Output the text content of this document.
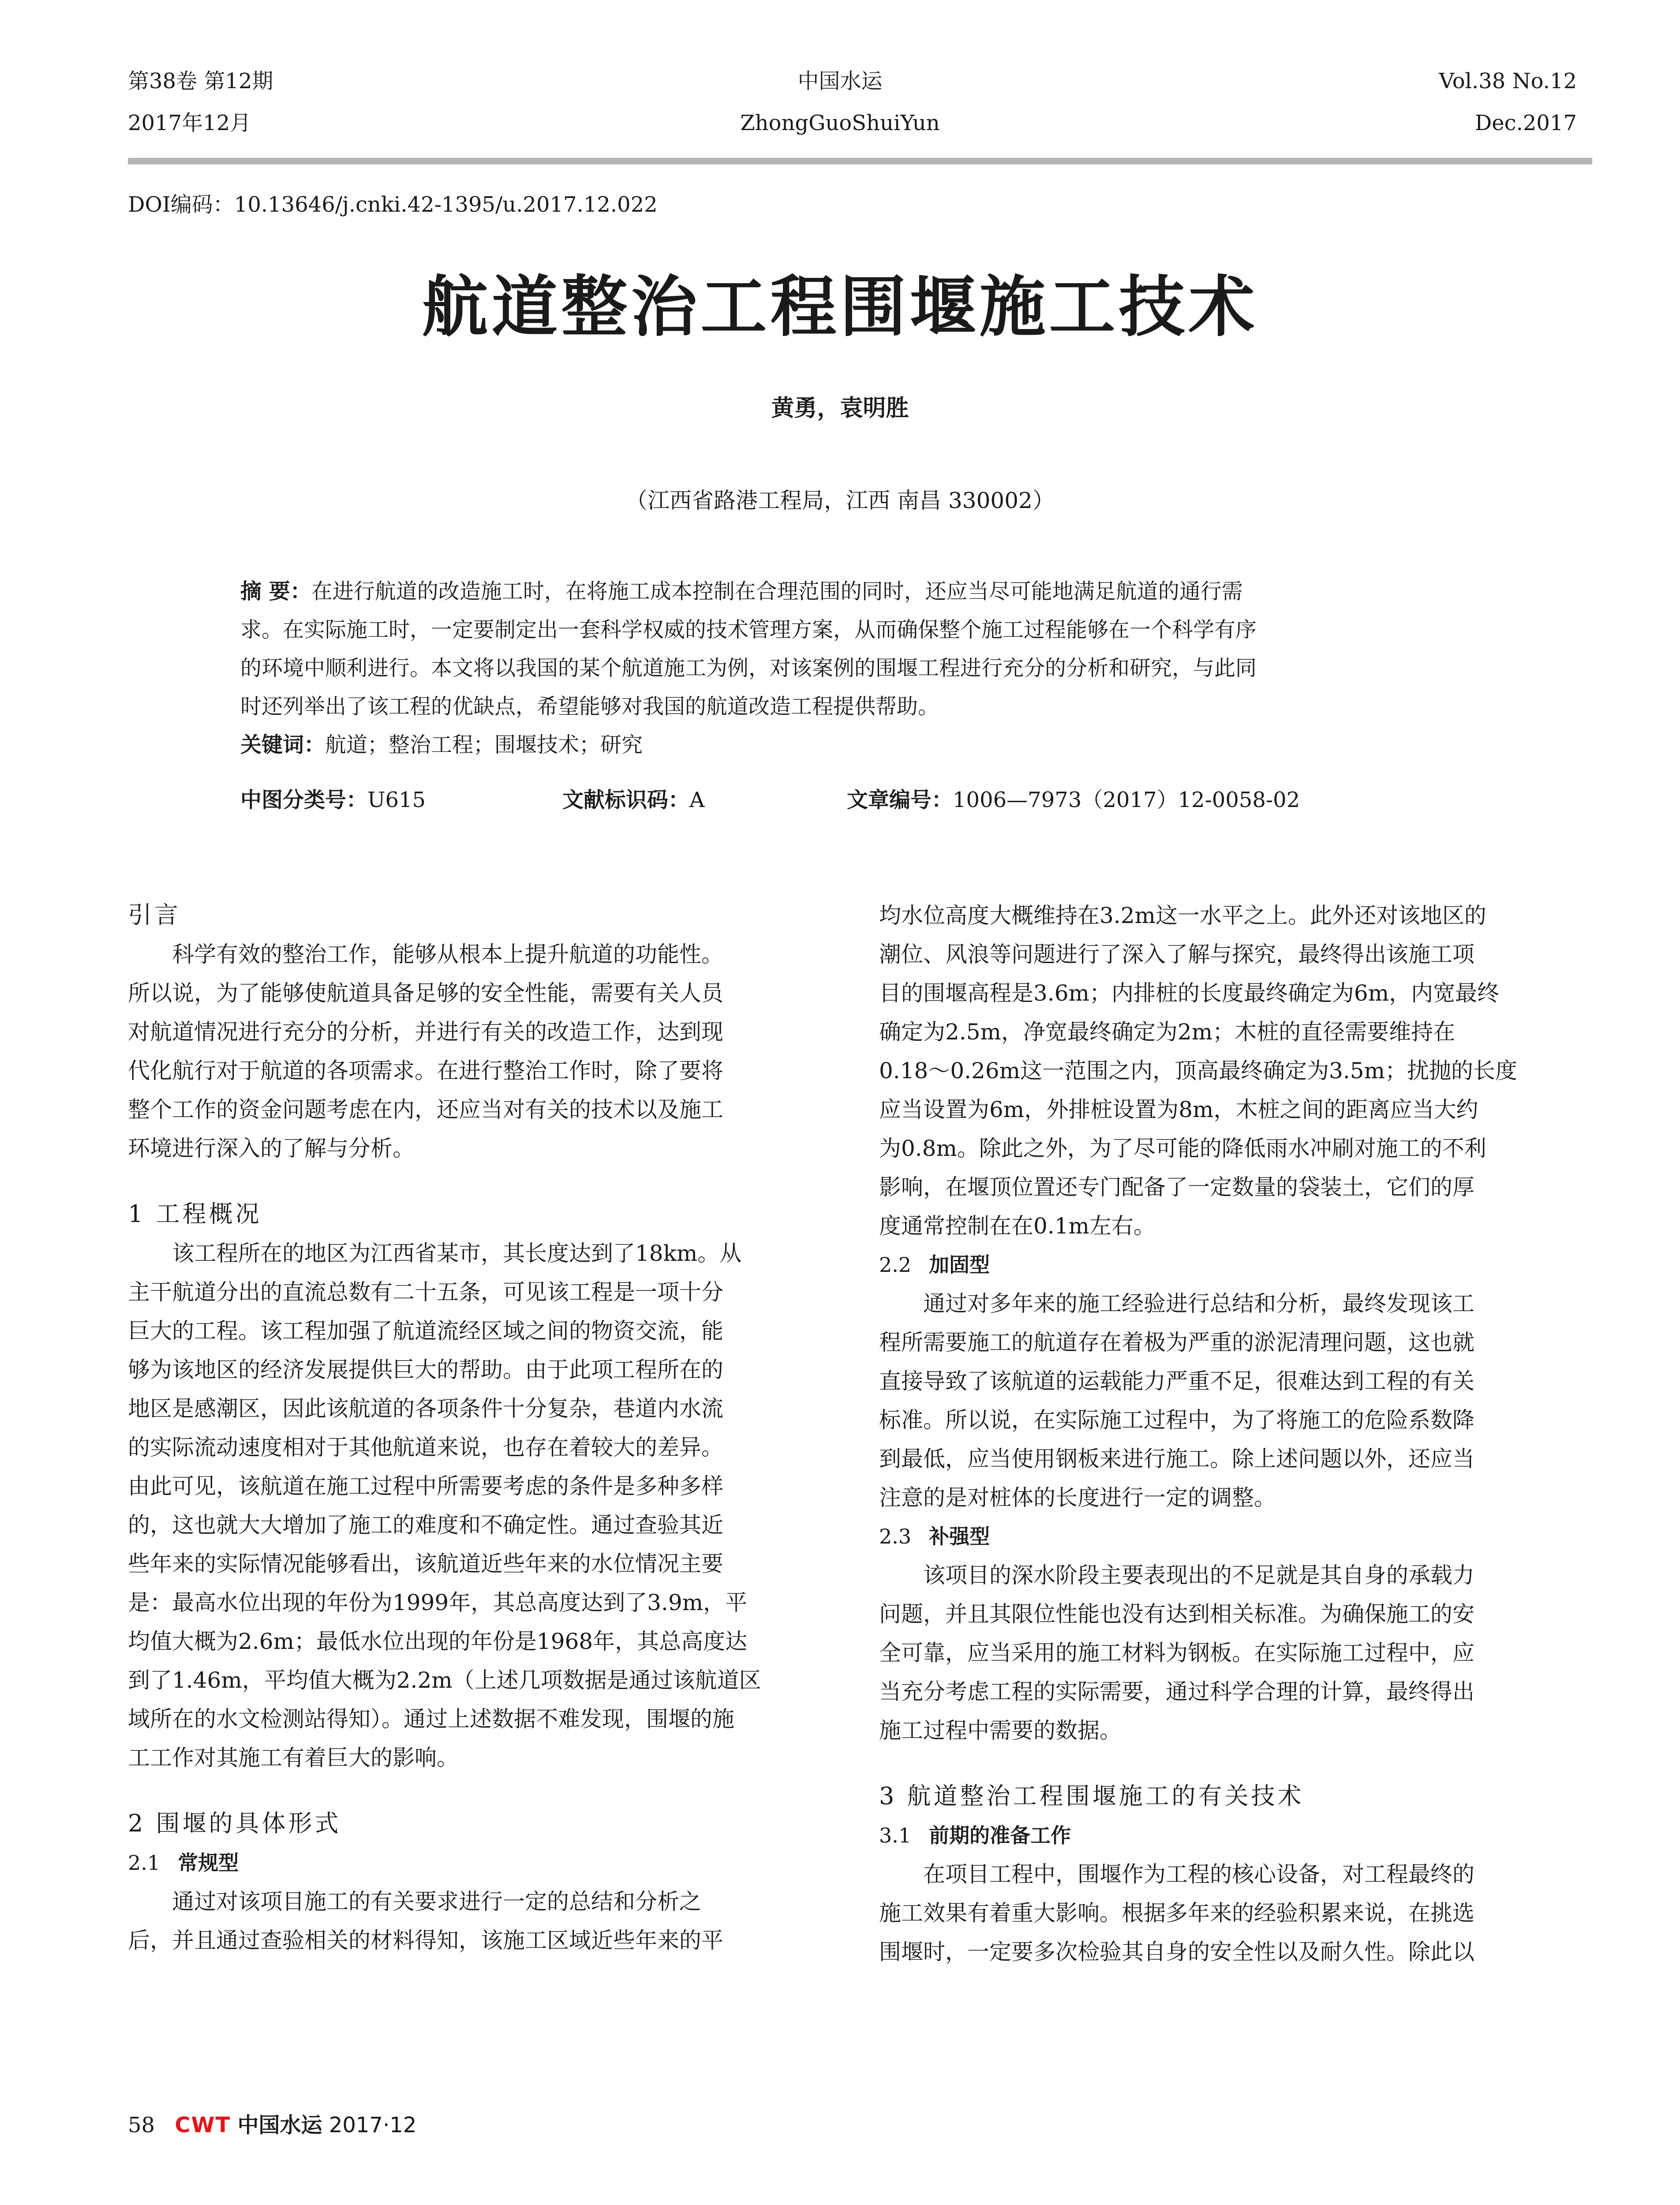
第38卷 第12期
2017年12月
中国水运
ZhongGuoShuiYun
Vol.38 No.12
Dec.2017
DOI编码：10.13646/j.cnki.42-1395/u.2017.12.022
航道整治工程围堰施工技术
黄勇，袁明胜
（江西省路港工程局，江西 南昌 330002）
摘 要：在进行航道的改造施工时，在将施工成本控制在合理范围的同时，还应当尽可能地满足航道的通行需
求。在实际施工时，一定要制定出一套科学权威的技术管理方案，从而确保整个施工过程能够在一个科学有序
的环境中顺利进行。本文将以我国的某个航道施工为例，对该案例的围堰工程进行充分的分析和研究，与此同
时还列举出了该工程的优缺点，希望能够对我国的航道改造工程提供帮助。
关键词：航道；整治工程；围堰技术；研究
中图分类号：U615	文献标识码：A	文章编号：1006—7973（2017）12-0058-02
引言
科学有效的整治工作，能够从根本上提升航道的功能性。
所以说，为了能够使航道具备足够的安全性能，需要有关人员
对航道情况进行充分的分析，并进行有关的改造工作，达到现
代化航行对于航道的各项需求。在进行整治工作时，除了要将
整个工作的资金问题考虑在内，还应当对有关的技术以及施工
环境进行深入的了解与分析。
1 工程概况
该工程所在的地区为江西省某市，其长度达到了18km。从
主干航道分出的直流总数有二十五条，可见该工程是一项十分
巨大的工程。该工程加强了航道流经区域之间的物资交流，能
够为该地区的经济发展提供巨大的帮助。由于此项工程所在的
地区是感潮区，因此该航道的各项条件十分复杂，巷道内水流
的实际流动速度相对于其他航道来说，也存在着较大的差异。
由此可见，该航道在施工过程中所需要考虑的条件是多种多样
的，这也就大大增加了施工的难度和不确定性。通过查验其近
些年来的实际情况能够看出，该航道近些年来的水位情况主要
是：最高水位出现的年份为1999年，其总高度达到了3.9m，平
均值大概为2.6m；最低水位出现的年份是1968年，其总高度达
到了1.46m，平均值大概为2.2m（上述几项数据是通过该航道区
域所在的水文检测站得知）。通过上述数据不难发现，围堰的施
工工作对其施工有着巨大的影响。
2 围堰的具体形式
2.1 常规型
通过对该项目施工的有关要求进行一定的总结和分析之
后，并且通过查验相关的材料得知，该施工区域近些年来的平
均水位高度大概维持在3.2m这一水平之上。此外还对该地区的
潮位、风浪等问题进行了深入了解与探究，最终得出该施工项
目的围堰高程是3.6m；内排桩的长度最终确定为6m，内宽最终
确定为2.5m，净宽最终确定为2m；木桩的直径需要维持在
0.18～0.26m这一范围之内，顶高最终确定为3.5m；扰抛的长度
应当设置为6m，外排桩设置为8m，木桩之间的距离应当大约
为0.8m。除此之外，为了尽可能的降低雨水冲刷对施工的不利
影响，在堰顶位置还专门配备了一定数量的袋装土，它们的厚
度通常控制在在0.1m左右。
2.2 加固型
通过对多年来的施工经验进行总结和分析，最终发现该工
程所需要施工的航道存在着极为严重的淤泥清理问题，这也就
直接导致了该航道的运载能力严重不足，很难达到工程的有关
标准。所以说，在实际施工过程中，为了将施工的危险系数降
到最低，应当使用钢板来进行施工。除上述问题以外，还应当
注意的是对桩体的长度进行一定的调整。
2.3 补强型
该项目的深水阶段主要表现出的不足就是其自身的承载力
问题，并且其限位性能也没有达到相关标准。为确保施工的安
全可靠，应当采用的施工材料为钢板。在实际施工过程中，应
当充分考虑工程的实际需要，通过科学合理的计算，最终得出
施工过程中需要的数据。
3 航道整治工程围堰施工的有关技术
3.1 前期的准备工作
在项目工程中，围堰作为工程的核心设备，对工程最终的
施工效果有着重大影响。根据多年来的经验积累来说，在挑选
围堰时，一定要多次检验其自身的安全性以及耐久性。除此以
58 CWT 中国水运 2017·12
